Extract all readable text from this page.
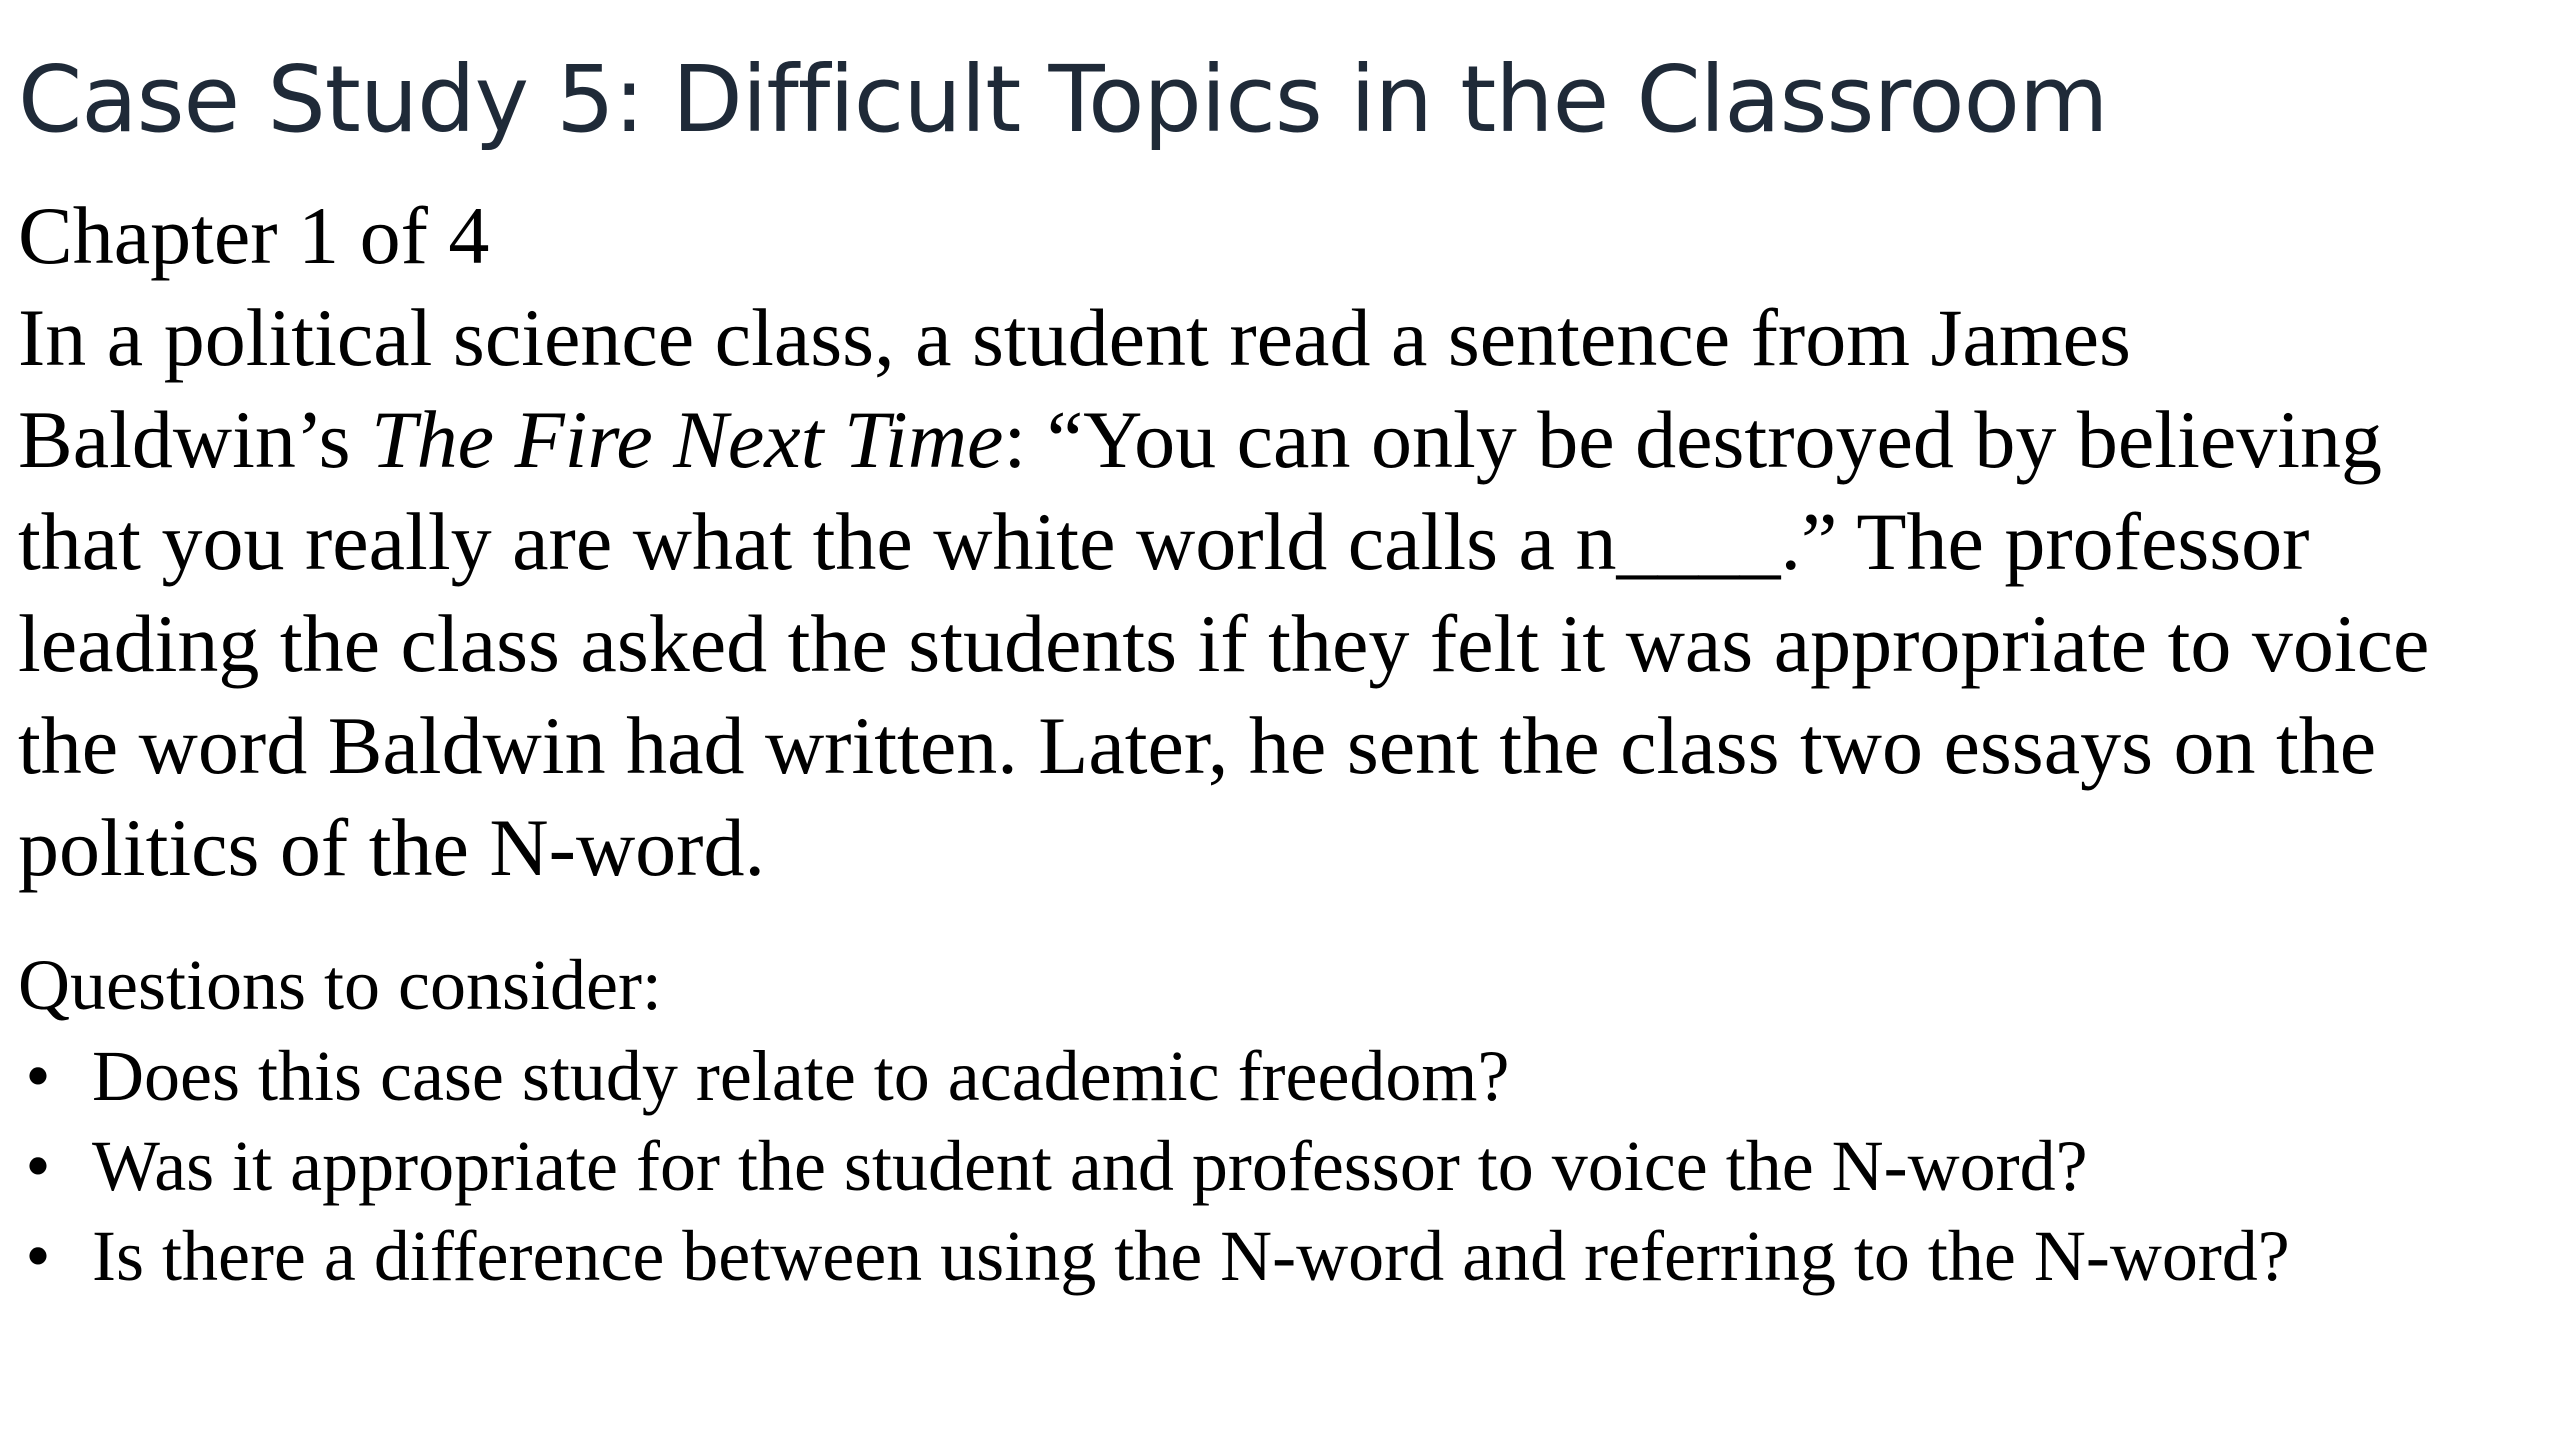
Case Study 5: Difficult Topics in the Classroom

Chapter 1 of 4

In a political science class, a student read a sentence from James

Baldwin’s The Fire Next Time: “You can only be destroyed by believing

that you really are what the white world calls a n____.” The professor

leading the class asked the students if they felt it was appropriate to voice

the word Baldwin had written. Later, he sent the class two essays on the

politics of the N-word.

Questions to consider:

• Does this case study relate to academic freedom?
• Was it appropriate for the student and professor to voice the N-word?
• Is there a difference between using the N-word and referring to the N-word?
